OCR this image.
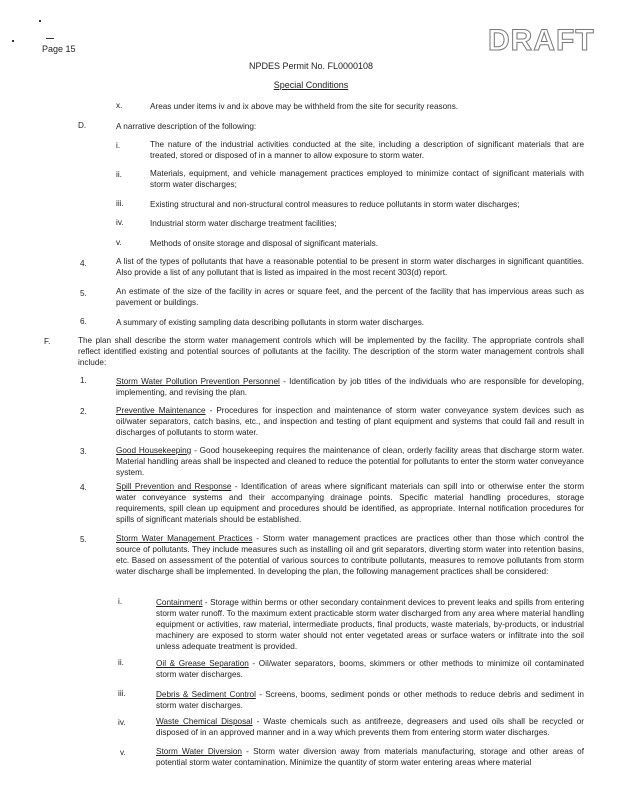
Page 15	DRAFT
NPDES Permit No. FL0000108
Special Conditions
x.	Areas under items iv and ix above may be withheld from the site for security reasons.
D.	A narrative description of the following:
i.	The nature of the industrial activities conducted at the site, including a description of significant materials that are treated, stored or disposed of in a manner to allow exposure to storm water.
ii.	Materials, equipment, and vehicle management practices employed to minimize contact of significant materials with storm water discharges;
iii.	Existing structural and non-structural control measures to reduce pollutants in storm water discharges;
iv.	Industrial storm water discharge treatment facilities;
v.	Methods of onsite storage and disposal of significant materials.
4.	A list of the types of pollutants that have a reasonable potential to be present in storm water discharges in significant quantities. Also provide a list of any pollutant that is listed as impaired in the most recent 303(d) report.
5.	An estimate of the size of the facility in acres or square feet, and the percent of the facility that has impervious areas such as pavement or buildings.
6.	A summary of existing sampling data describing pollutants in storm water discharges.
F.	The plan shall describe the storm water management controls which will be implemented by the facility. The appropriate controls shall reflect identified existing and potential sources of pollutants at the facility. The description of the storm water management controls shall include:
1.	Storm Water Pollution Prevention Personnel - Identification by job titles of the individuals who are responsible for developing, implementing, and revising the plan.
2.	Preventive Maintenance - Procedures for inspection and maintenance of storm water conveyance system devices such as oil/water separators, catch basins, etc., and inspection and testing of plant equipment and systems that could fail and result in discharges of pollutants to storm water.
3.	Good Housekeeping - Good housekeeping requires the maintenance of clean, orderly facility areas that discharge storm water. Material handling areas shall be inspected and cleaned to reduce the potential for pollutants to enter the storm water conveyance system.
4.	Spill Prevention and Response - Identification of areas where significant materials can spill into or otherwise enter the storm water conveyance systems and their accompanying drainage points. Specific material handling procedures, storage requirements, spill clean up equipment and procedures should be identified, as appropriate. Internal notification procedures for spills of significant materials should be established.
5.	Storm Water Management Practices - Storm water management practices are practices other than those which control the source of pollutants. They include measures such as installing oil and grit separators, diverting storm water into retention basins, etc. Based on assessment of the potential of various sources to contribute pollutants, measures to remove pollutants from storm water discharge shall be implemented. In developing the plan, the following management practices shall be considered:
i.	Containment - Storage within berms or other secondary containment devices to prevent leaks and spills from entering storm water runoff. To the maximum extent practicable storm water discharged from any area where material handling equipment or activities, raw material, intermediate products, final products, waste materials, by-products, or industrial machinery are exposed to storm water should not enter vegetated areas or surface waters or infiltrate into the soil unless adequate treatment is provided.
ii.	Oil & Grease Separation - Oil/water separators, booms, skimmers or other methods to minimize oil contaminated storm water discharges.
iii.	Debris & Sediment Control - Screens, booms, sediment ponds or other methods to reduce debris and sediment in storm water discharges.
iv.	Waste Chemical Disposal - Waste chemicals such as antifreeze, degreasers and used oils shall be recycled or disposed of in an approved manner and in a way which prevents them from entering storm water discharges.
v.	Storm Water Diversion - Storm water diversion away from materials manufacturing, storage and other areas of potential storm water contamination. Minimize the quantity of storm water entering areas where material
